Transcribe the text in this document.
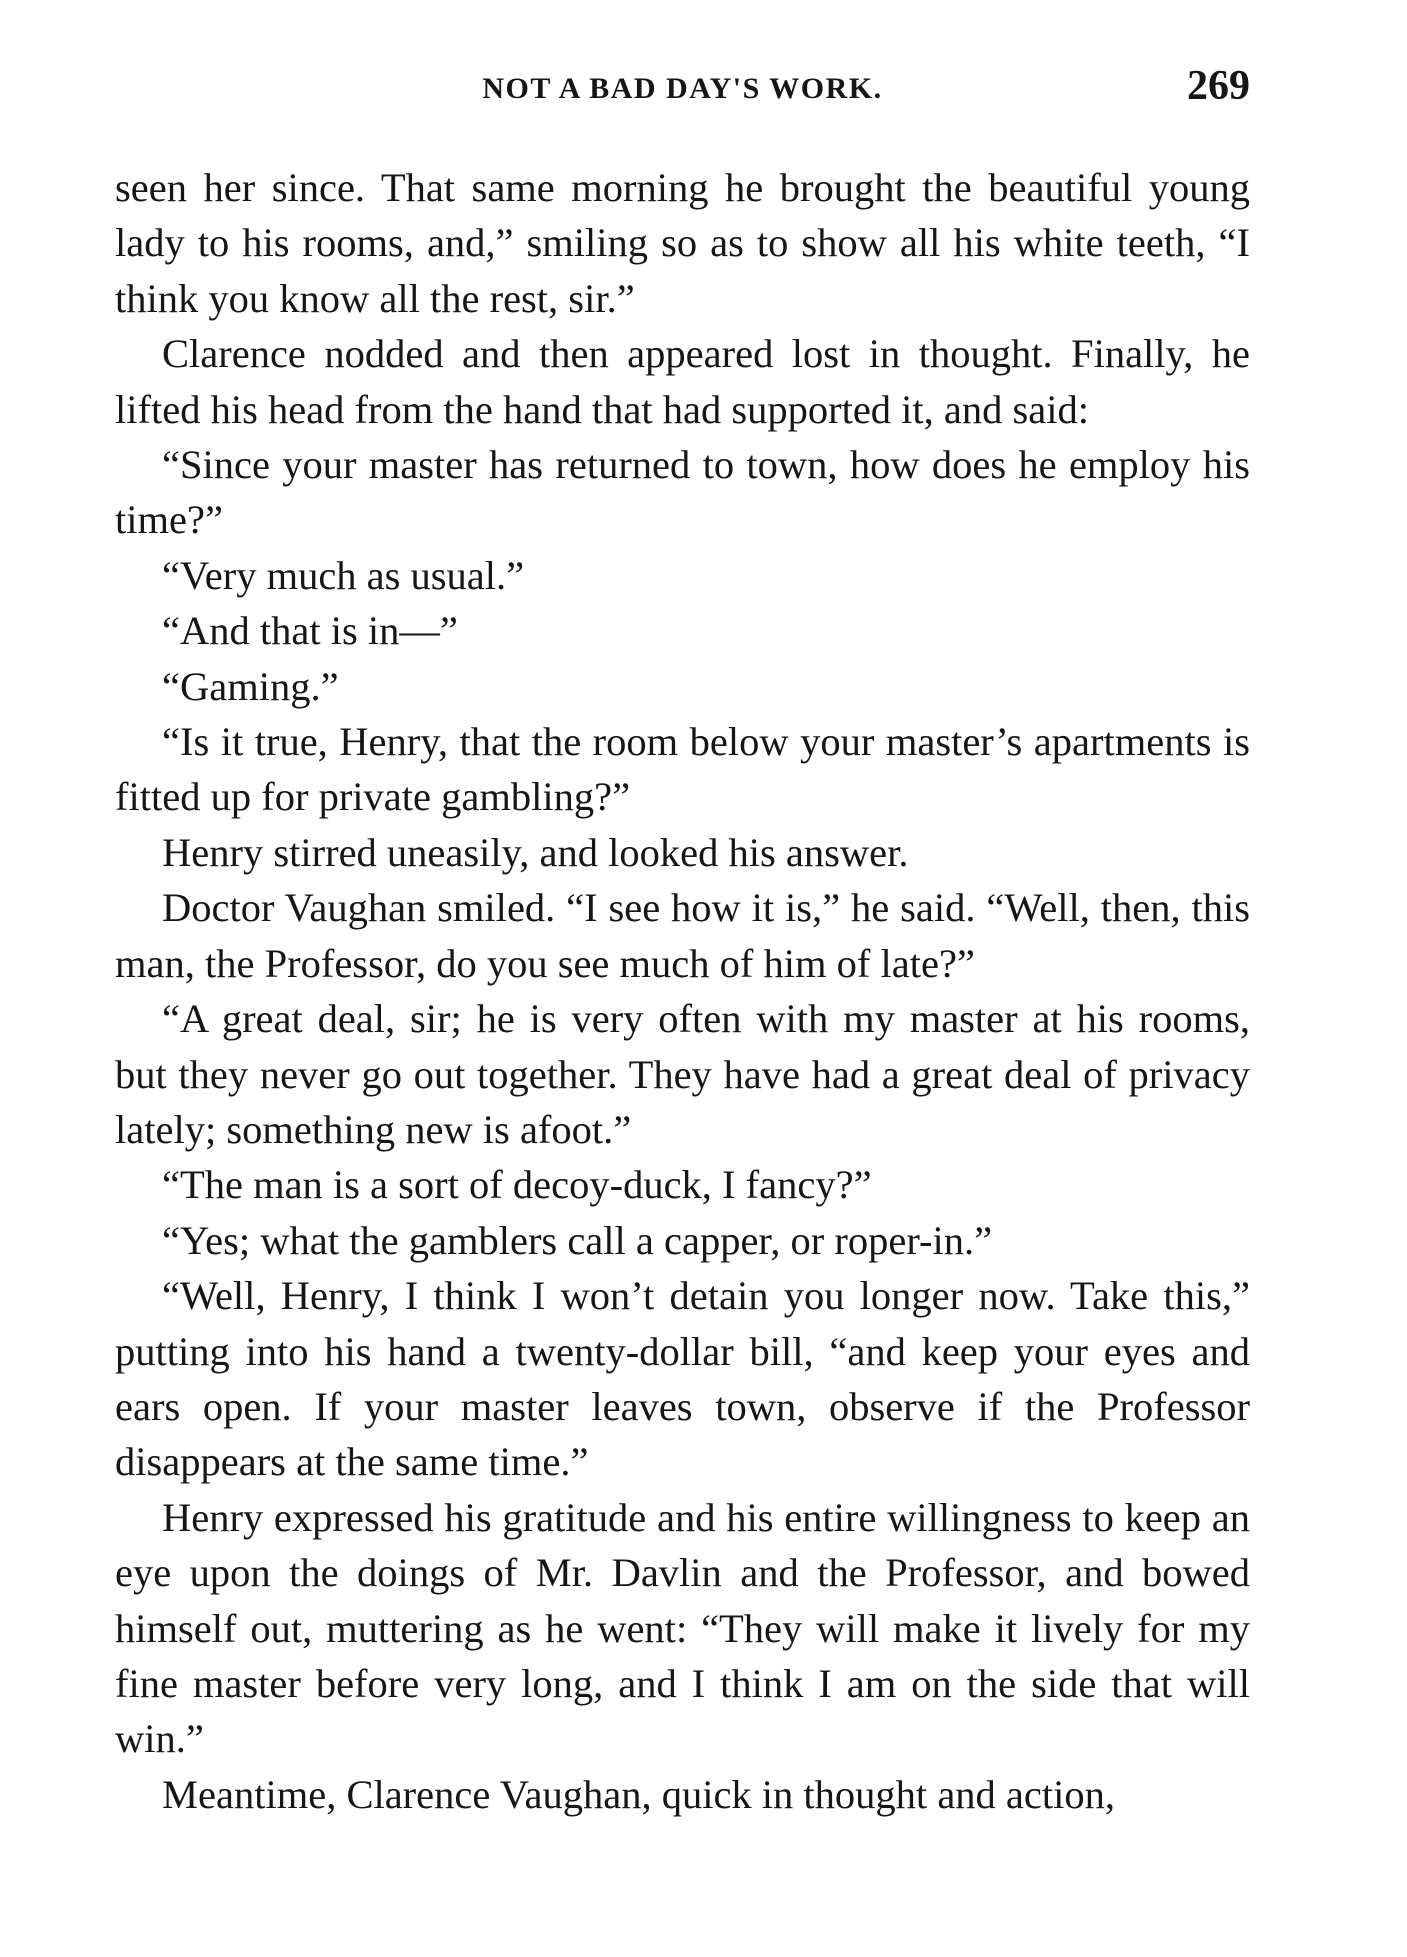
NOT A BAD DAY'S WORK.	269

seen her since. That same morning he brought the beautiful young lady to his rooms, and,” smiling so as to show all his white teeth, “I think you know all the rest, sir.”

Clarence nodded and then appeared lost in thought. Finally, he lifted his head from the hand that had supported it, and said:

“Since your master has returned to town, how does he employ his time?”

“Very much as usual.”

“And that is in—”

“Gaming.”

“Is it true, Henry, that the room below your master’s apartments is fitted up for private gambling?”

Henry stirred uneasily, and looked his answer.

Doctor Vaughan smiled. “I see how it is,” he said. “Well, then, this man, the Professor, do you see much of him of late?”

“A great deal, sir; he is very often with my master at his rooms, but they never go out together. They have had a great deal of privacy lately; something new is afoot.”

“The man is a sort of decoy-duck, I fancy?”

“Yes; what the gamblers call a capper, or roper-in.”

“Well, Henry, I think I won’t detain you longer now. Take this,” putting into his hand a twenty-dollar bill, “and keep your eyes and ears open. If your master leaves town, observe if the Professor disappears at the same time.”

Henry expressed his gratitude and his entire willingness to keep an eye upon the doings of Mr. Davlin and the Professor, and bowed himself out, muttering as he went: “They will make it lively for my fine master before very long, and I think I am on the side that will win.”

Meantime, Clarence Vaughan, quick in thought and action,
